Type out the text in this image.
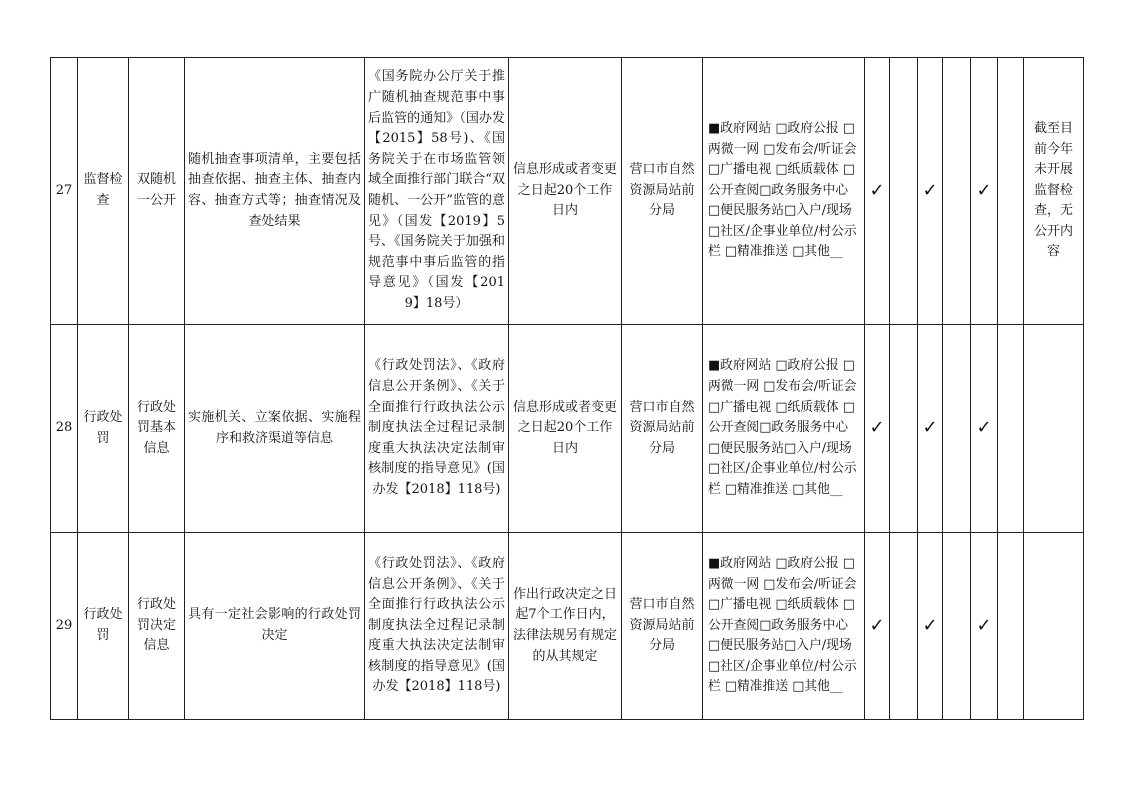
27	监督检查	双随机一公开	随机抽查事项清单，主要包括抽查依据、抽查主体、抽查内容、抽查方式等；抽查情况及查处结果	《国务院办公厅关于推广随机抽查规范事中事后监管的通知》（国办发【2015】58号)、《国务院关于在市场监管领域全面推行部门联合“双随机、一公开”监管的意见》（国发【2019】5号、《国务院关于加强和规范事中事后监管的指导意见》（国发【2019】18号）	信息形成或者变更之日起20个工作日内	营口市自然资源局站前分局	■政府网站 □政府公报 □两微一网 □发布会/听证会 □广播电视 □纸质载体 □公开查阅□政务服务中心 □便民服务站□入户/现场 □社区/企事业单位/村公示栏 □精准推送 □其他__	✓		✓		✓		截至目前今年未开展监督检查，无公开内容
28	行政处罚	行政处罚基本信息	实施机关、立案依据、实施程序和救济渠道等信息	《行政处罚法》、《政府信息公开条例》、《关于全面推行行政执法公示制度执法全过程记录制度重大执法决定法制审核制度的指导意见》(国办发【2018】118号)	信息形成或者变更之日起20个工作日内	营口市自然资源局站前分局	■政府网站 □政府公报 □两微一网 □发布会/听证会 □广播电视 □纸质载体 □公开查阅□政务服务中心 □便民服务站□入户/现场 □社区/企事业单位/村公示栏 □精准推送 □其他__	✓		✓		✓		
29	行政处罚	行政处罚决定信息	具有一定社会影响的行政处罚决定	《行政处罚法》、《政府信息公开条例》、《关于全面推行行政执法公示制度执法全过程记录制度重大执法决定法制审核制度的指导意见》(国办发【2018】118号)	作出行政决定之日起7个工作日内，法律法规另有规定的从其规定	营口市自然资源局站前分局	■政府网站 □政府公报 □两微一网 □发布会/听证会 □广播电视 □纸质载体 □公开查阅□政务服务中心 □便民服务站□入户/现场 □社区/企事业单位/村公示栏 □精准推送 □其他__	✓		✓		✓		
